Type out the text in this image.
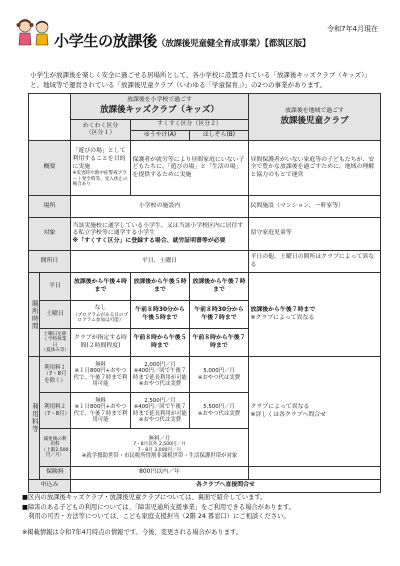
令和7年4月現在
小学生の放課後（放課後児童健全育成事業）【都筑区版】

小学生が放課後を楽しく安全に過ごせる居場所として、各小学校に設置されている「放課後キッズクラブ（キッズ）」と、地域等で運営されている「放課後児童クラブ（いわゆる「学童保育」）」の2つの事業があります。

		放課後を小学校で過ごす
放課後キッズクラブ（キッズ）			放課後を地域で過ごす
放課後児童クラブ

		わくわく区分
（区分１）	すくすく区分（区分２）		
			ゆうやけ(A)	ほしぞら(B)	
概要		「遊びの場」として利用することを目的に実施
※災害時や熱中症警戒アラート発令時等、受入休止の場合あり	保護者が就労等により昼間家庭にいない子どもたちに、「遊びの場」と「生活の場」を提供するために実施		昼間保護者がいない家庭等の子どもたちが、安全で豊かな放課後を過ごすために、地域の理解と協力のもとで運営
場所		小学校の施設内			民間施設（マンション、一軒家等）
対象		当該実施校に通学している小学生、又は当該小学校区内に居住する私立学校等に通学する小学生
※「すくすく区分」に登録する場合、就労証明書等が必要			留守家庭児童等
開所日		平日、土曜日			平日の他、土曜日の開所はクラブによって異なる
開所時間	平日	放課後から午後４時まで	放課後から午後５時まで	放課後から午後７時まで	放課後から午後７時まで
※クラブによって異なる

	土曜日	なし
（プログラムがある日のプログラム参加は可能）	午前８時30分から午後５時まで	午前８時30分から午後７時まで	

	土曜日を除く学校休業日
（夏休み等）	クラブが指定する時間(２時間程度)	午前８時から午後５時まで	午前８時から午後７時まで	
利用料等	利用料１
（7・8月を除く）	無料
※１日800円+おやつ代で、午後７時まで利用可能	2,000円／月
※400円／回で午後７時まで延長利用が可能
※おやつ代は実費	5,000円／月
※おやつ代は実費	クラブによって異なる
※詳しくは各クラブへ問合せ

	利用料２
（7・8月）	無料
※１日800円+おやつ代で、午後７時まで利用可能	2,500円／月
※400円／回で午後７時まで延長利用が可能
※おやつ代は実費	5,500円／月
※おやつ代は実費	

	減免後の利用料
（上限2,500円／月）	無料／月
7・8月以外 2,500円／月
7・8月 3,000円／月
※就学援助世帯・市民税所得割非課税世帯・生活保護世帯が対象			

	保険料	800円以内／年			
申込み		各クラブへ直接問合せ			

■区内の放課後キッズクラブ・放課後児童クラブについては、裏面で紹介しています。

■障害のある子どもの利用については、「障害児通所支援事業」をご利用できる場合があります。

　利用の可否・方法等については、こども家庭支援担当（2階 24 番窓口）にご相談ください。

※掲載情報は令和7年4月時点の情報です。今後、変更される場合があります。
